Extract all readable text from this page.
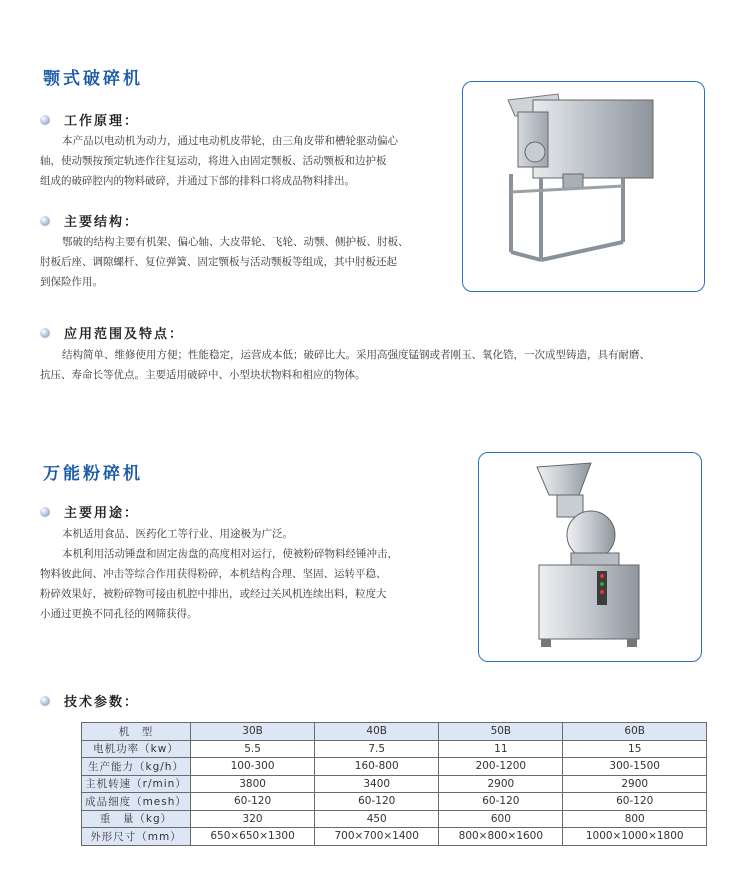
颚式破碎机
工作原理：

本产品以电动机为动力，通过电动机皮带轮，由三角皮带和槽轮驱动偏心

轴，使动颚按预定轨迹作往复运动，将进入由固定颚板、活动颚板和边护板

组成的破碎腔内的物料破碎，并通过下部的排料口将成品物料排出。

主要结构：

鄂破的结构主要有机架、偏心轴、大皮带轮、飞轮、动颚、侧护板、肘板、

肘板后座、调隙螺杆、复位弹簧、固定颚板与活动颚板等组成，其中肘板还起

到保险作用。

应用范围及特点：

结构简单、维修使用方便；性能稳定，运营成本低；破碎比大。采用高强度锰钢或者刚玉、氧化锆，一次成型铸造，具有耐磨、

抗压、寿命长等优点。主要适用破碎中、小型块状物料和相应的物体。

万能粉碎机
主要用途：

本机适用食品、医药化工等行业、用途极为广泛。

本机利用活动锤盘和固定齿盘的高度相对运行，使被粉碎物料经锤冲击，

物料彼此间、冲击等综合作用获得粉碎，本机结构合理、坚固、运转平稳、

粉碎效果好，被粉碎物可接由机腔中排出，或经过关风机连续出料，粒度大

小通过更换不同孔径的网筛获得。

技术参数：
机　型	30B	40B	50B	60B
电机功率（kw）	5.5	7.5	11	15
生产能力（kg/h）	100-300	160-800	200-1200	300-1500
主机转速（r/min）	3800	3400	2900	2900
成品细度（mesh）	60-120	60-120	60-120	60-120
重　量（kg）	320	450	600	800
外形尺寸（mm）	650×650×1300	700×700×1400	800×800×1600	1000×1000×1800
